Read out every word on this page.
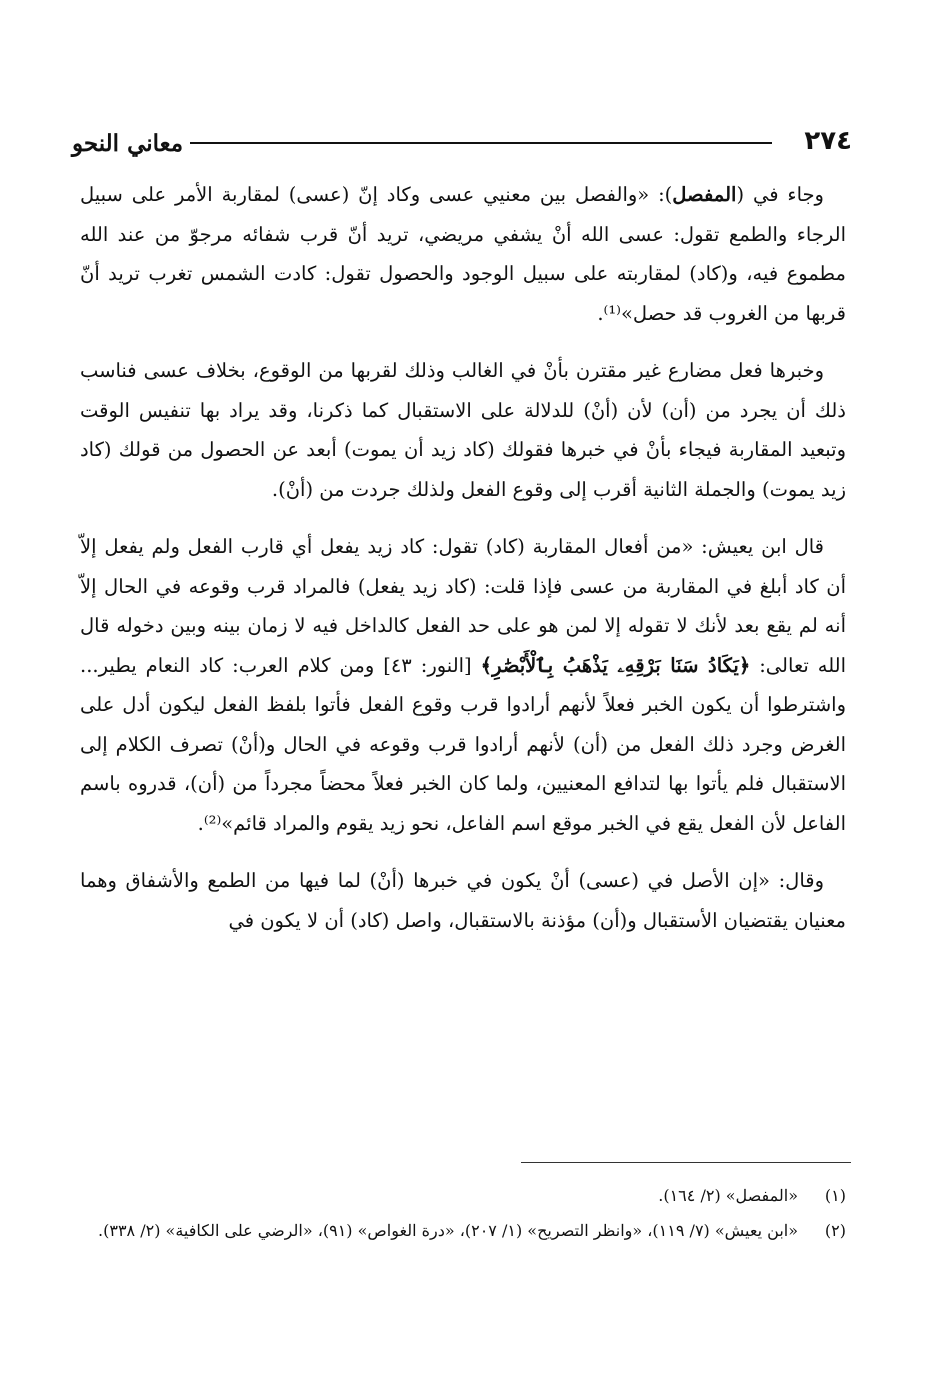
٢٧٤
معاني النحو

وجاء في (المفصل): «والفصل بين معنيي عسى وكاد إنّ (عسى) لمقاربة الأمر على سبيل الرجاء والطمع تقول: عسى الله أنْ يشفي مريضي، تريد أنّ قرب شفائه مرجوّ من عند الله مطموع فيه، و(كاد) لمقاربته على سبيل الوجود والحصول تقول: كادت الشمس تغرب تريد أنّ قربها من الغروب قد حصل»⁽¹⁾.

وخبرها فعل مضارع غير مقترن بأنْ في الغالب وذلك لقربها من الوقوع، بخلاف عسى فناسب ذلك أن يجرد من (أن) لأن (أنْ) للدلالة على الاستقبال كما ذكرنا، وقد يراد بها تنفيس الوقت وتبعيد المقاربة فيجاء بأنْ في خبرها فقولك (كاد زيد أن يموت) أبعد عن الحصول من قولك (كاد زيد يموت) والجملة الثانية أقرب إلى وقوع الفعل ولذلك جردت من (أنْ).

قال ابن يعيش: «من أفعال المقاربة (كاد) تقول: كاد زيد يفعل أي قارب الفعل ولم يفعل إلاّ أن كاد أبلغ في المقاربة من عسى فإذا قلت: (كاد زيد يفعل) فالمراد قرب وقوعه في الحال إلاّ أنه لم يقع بعد لأنك لا تقوله إلا لمن هو على حد الفعل كالداخل فيه لا زمان بينه وبين دخوله قال الله تعالى: ﴿يَكَادُ سَنَا بَرْقِهِۦ يَذْهَبُ بِٱلْأَبْصَٰرِ﴾ [النور: ٤٣] ومن كلام العرب: كاد النعام يطير... واشترطوا أن يكون الخبر فعلاً لأنهم أرادوا قرب وقوع الفعل فأتوا بلفظ الفعل ليكون أدل على الغرض وجرد ذلك الفعل من (أن) لأنهم أرادوا قرب وقوعه في الحال و(أنْ) تصرف الكلام إلى الاستقبال فلم يأتوا بها لتدافع المعنيين، ولما كان الخبر فعلاً محضاً مجرداً من (أن)، قدروه باسم الفاعل لأن الفعل يقع في الخبر موقع اسم الفاعل، نحو زيد يقوم والمراد قائم»⁽²⁾.

وقال: «إن الأصل في (عسى) أنْ يكون في خبرها (أنْ) لما فيها من الطمع والأشفاق وهما معنيان يقتضيان الأستقبال و(أن) مؤذنة بالاستقبال، واصل (كاد) أن لا يكون في

(١)
«المفصل» (٢/ ١٦٤).
(٢)
«ابن يعيش» (٧/ ١١٩)، «وانظر التصريح» (١/ ٢٠٧)، «درة الغواص» (٩١)، «الرضي على الكافية» (٢/ ٣٣٨).
